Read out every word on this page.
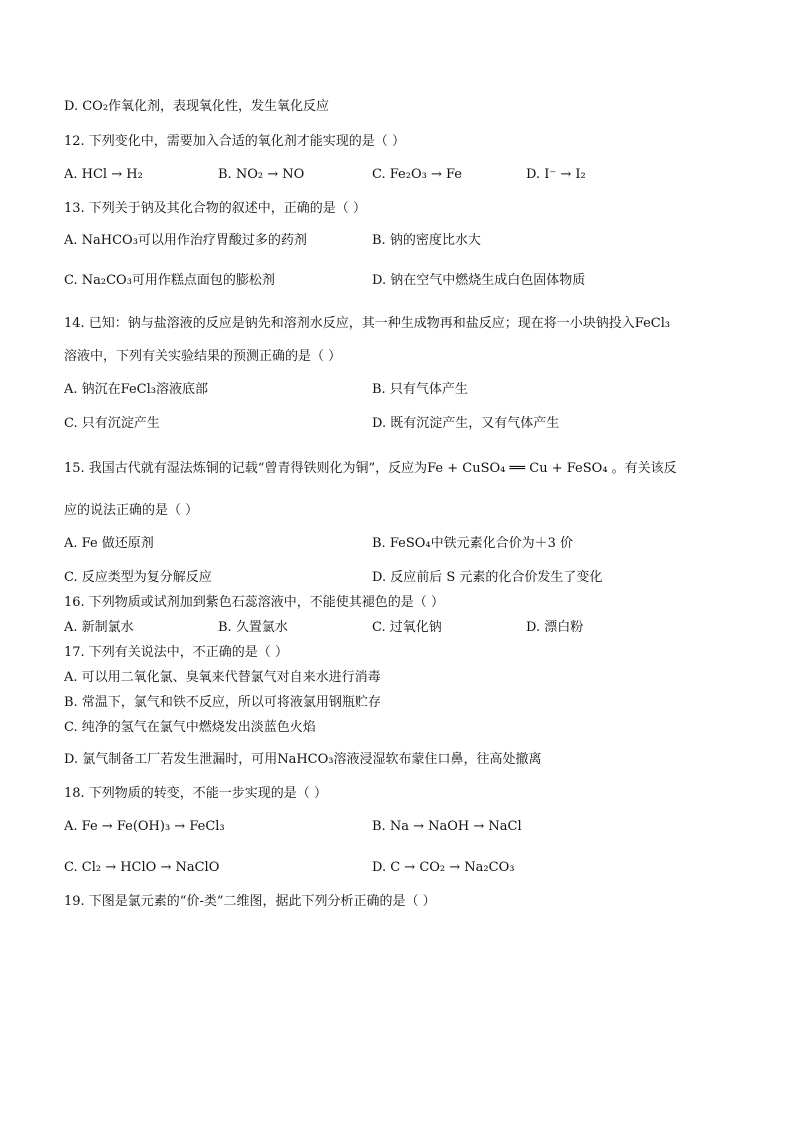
D. CO₂作氧化剂，表现氧化性，发生氧化反应
12. 下列变化中，需要加入合适的氧化剂才能实现的是（ ）
A. HCl → H₂	B. NO₂ → NO	C. Fe₂O₃ → Fe	D. I⁻ → I₂
13. 下列关于钠及其化合物的叙述中，正确的是（ ）
A. NaHCO₃可以用作治疗胃酸过多的药剂	B. 钠的密度比水大
C. Na₂CO₃可用作糕点面包的膨松剂	D. 钠在空气中燃烧生成白色固体物质
14. 已知：钠与盐溶液的反应是钠先和溶剂水反应，其一种生成物再和盐反应；现在将一小块钠投入FeCl₃
溶液中，下列有关实验结果的预测正确的是（ ）
A. 钠沉在FeCl₃溶液底部	B. 只有气体产生
C. 只有沉淀产生	D. 既有沉淀产生，又有气体产生
15. 我国古代就有湿法炼铜的记载“曾青得铁则化为铜”，反应为Fe + CuSO₄ ══ Cu + FeSO₄ 。有关该反
应的说法正确的是（ ）
A. Fe 做还原剂	B. FeSO₄中铁元素化合价为＋3 价
C. 反应类型为复分解反应	D. 反应前后 S 元素的化合价发生了变化
16. 下列物质或试剂加到紫色石蕊溶液中，不能使其褪色的是（ ）
A. 新制氯水	B. 久置氯水	C. 过氧化钠	D. 漂白粉
17. 下列有关说法中，不正确的是（ ）
A. 可以用二氧化氯、臭氧来代替氯气对自来水进行消毒
B. 常温下，氯气和铁不反应，所以可将液氯用钢瓶贮存
C. 纯净的氢气在氯气中燃烧发出淡蓝色火焰
D. 氯气制备工厂若发生泄漏时，可用NaHCO₃溶液浸湿软布蒙住口鼻，往高处撤离
18. 下列物质的转变，不能一步实现的是（ ）
A. Fe → Fe(OH)₃ → FeCl₃	B. Na → NaOH → NaCl
C. Cl₂ → HClO → NaClO	D. C → CO₂ → Na₂CO₃
19. 下图是氯元素的“价-类”二维图，据此下列分析正确的是（ ）
